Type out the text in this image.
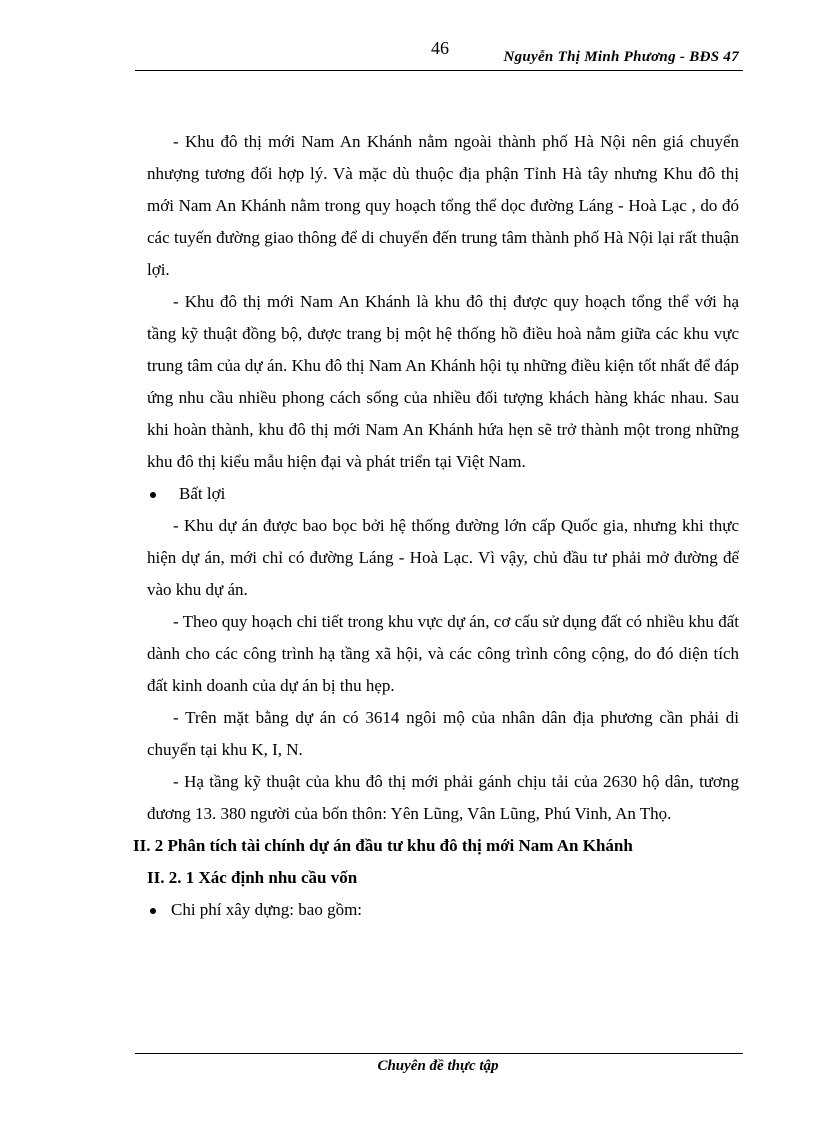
46	Nguyễn Thị Minh Phương - BĐS 47

- Khu đô thị mới Nam An Khánh nằm ngoài thành phố Hà Nội nên giá chuyển nhượng tương đối hợp lý. Và mặc dù thuộc địa phận Tỉnh Hà tây nhưng Khu đô thị mới Nam An Khánh nằm trong quy hoạch tổng thể dọc đường Láng - Hoà Lạc , do đó các tuyến đường giao thông để di chuyển đến trung tâm thành phố Hà Nội lại rất thuận lợi.

- Khu đô thị mới Nam An Khánh là khu đô thị được quy hoạch tổng thể với hạ tầng kỹ thuật đồng bộ, được trang bị một hệ thống hồ điều hoà nằm giữa các khu vực trung tâm của dự án. Khu đô thị Nam An Khánh hội tụ những điều kiện tốt nhất để đáp ứng nhu cầu nhiều phong cách sống của nhiều đối tượng khách hàng khác nhau. Sau khi hoàn thành, khu đô thị mới Nam An Khánh hứa hẹn sẽ trở thành một trong những khu đô thị kiểu mẫu hiện đại và phát triển tại Việt Nam.

Bất lợi

- Khu dự án được bao bọc bởi hệ thống đường lớn cấp Quốc gia, nhưng khi thực hiện dự án, mới chỉ có đường Láng - Hoà Lạc. Vì vậy, chủ đầu tư phải mở đường để vào khu dự án.

- Theo quy hoạch chi tiết trong khu vực dự án, cơ cấu sử dụng đất có nhiều khu đất dành cho các công trình hạ tầng xã hội, và các công trình công cộng, do đó diện tích đất kinh doanh của dự án bị thu hẹp.

- Trên mặt bằng dự án có 3614 ngôi mộ của nhân dân địa phương cần phải di chuyển tại khu K, I, N.

- Hạ tầng kỹ thuật của khu đô thị mới phải gánh chịu tải của 2630 hộ dân, tương đương 13. 380 người của bốn thôn: Yên Lũng, Vân Lũng, Phú Vinh, An Thọ.

II. 2 Phân tích tài chính dự án đầu tư khu đô thị mới Nam An Khánh

II. 2. 1 Xác định nhu cầu vốn

Chi phí xây dựng: bao gồm:

Chuyên đề thực tập
